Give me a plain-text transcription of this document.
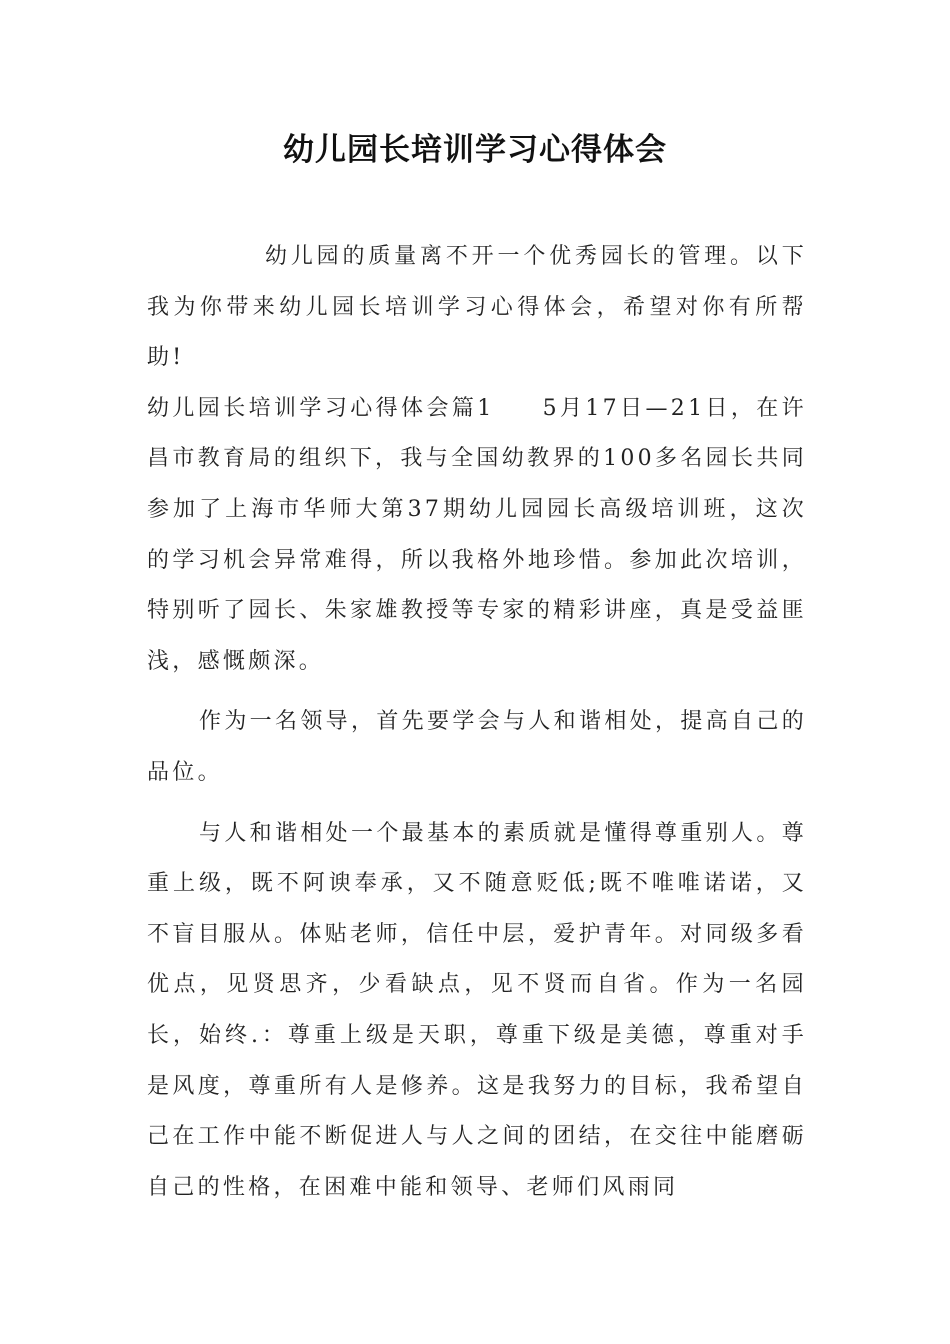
幼儿园长培训学习心得体会

幼儿园的质量离不开一个优秀园长的管理。以下我为你带来幼儿园长培训学习心得体会，希望对你有所帮助!

幼儿园长培训学习心得体会篇1 5月17日—21日，在许昌市教育局的组织下，我与全国幼教界的100多名园长共同参加了上海市华师大第37期幼儿园园长高级培训班，这次的学习机会异常难得，所以我格外地珍惜。参加此次培训，特别听了园长、朱家雄教授等专家的精彩讲座，真是受益匪浅，感慨颇深。

作为一名领导，首先要学会与人和谐相处，提高自己的品位。

与人和谐相处一个最基本的素质就是懂得尊重别人。尊重上级，既不阿谀奉承，又不随意贬低;既不唯唯诺诺，又不盲目服从。体贴老师，信任中层，爱护青年。对同级多看优点，见贤思齐，少看缺点，见不贤而自省。作为一名园长，始终.：尊重上级是天职，尊重下级是美德，尊重对手是风度，尊重所有人是修养。这是我努力的目标，我希望自己在工作中能不断促进人与人之间的团结，在交往中能磨砺自己的性格，在困难中能和领导、老师们风雨同
